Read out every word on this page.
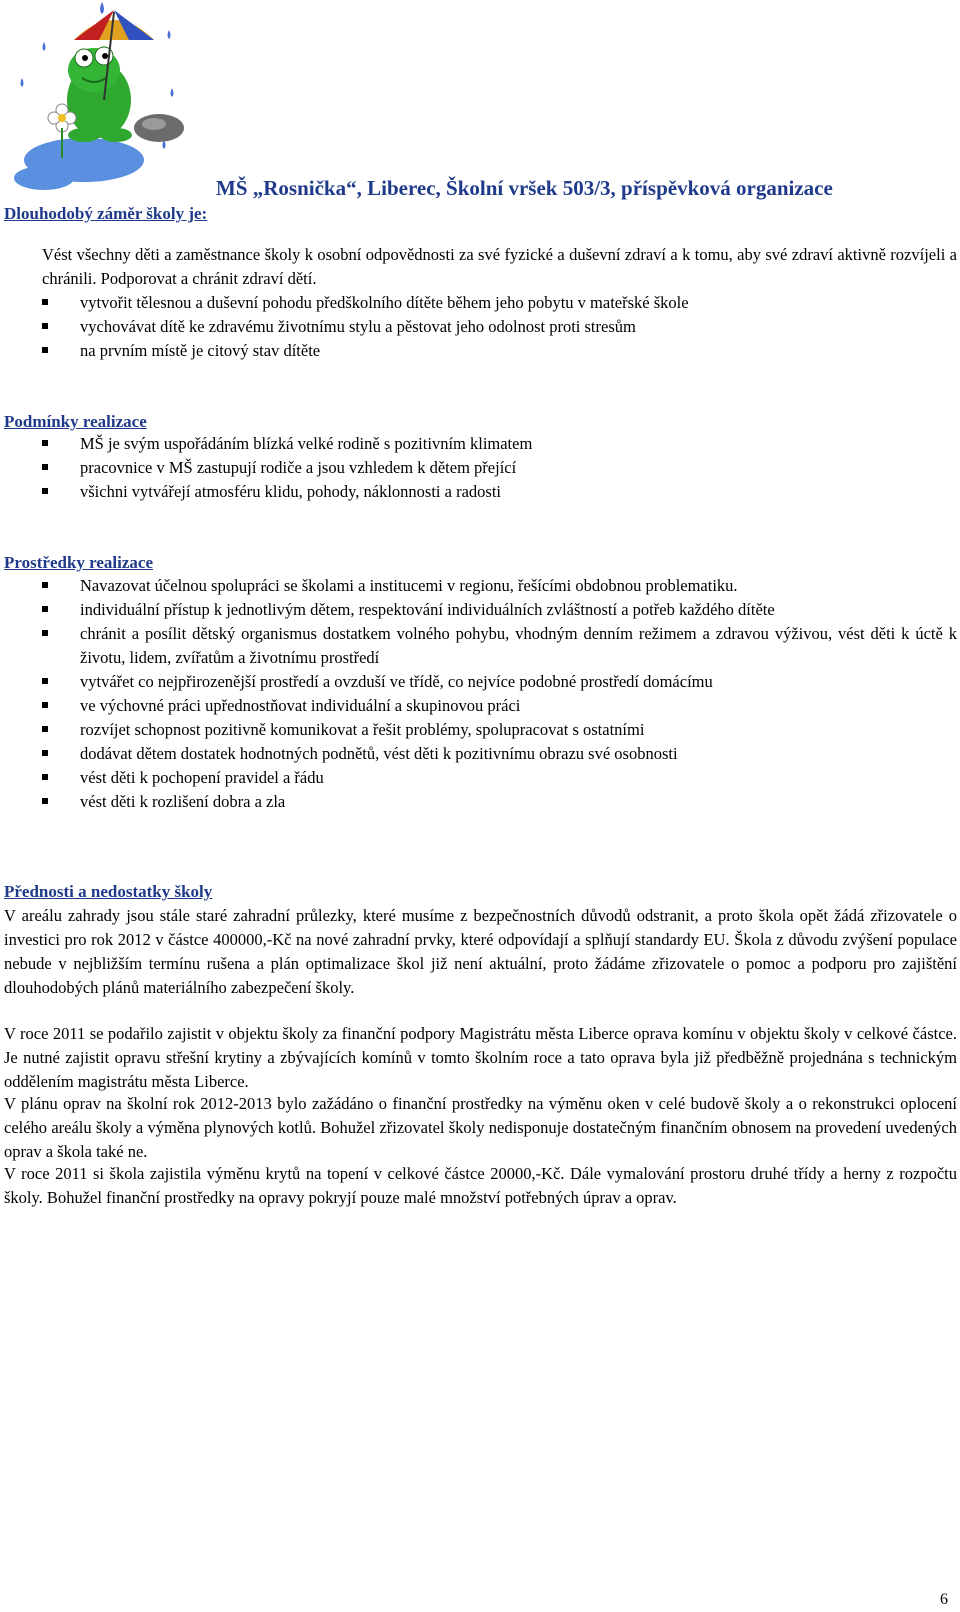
MŠ „Rosnička“, Liberec, Školní vršek 503/3, příspěvková organizace
Dlouhodobý záměr školy je:

Vést všechny děti a zaměstnance školy k osobní odpovědnosti za své fyzické a duševní zdraví a k tomu, aby své zdraví aktivně rozvíjeli a chránili. Podporovat a chránit zdraví dětí.

vytvořit tělesnou a duševní pohodu předškolního dítěte během jeho pobytu v mateřské škole
vychovávat dítě ke zdravému životnímu stylu a pěstovat jeho odolnost proti stresům
na prvním místě je citový stav dítěte
Podmínky realizace
MŠ je svým uspořádáním blízká velké rodině s pozitivním klimatem
pracovnice v MŠ zastupují rodiče a jsou vzhledem k dětem přející
všichni vytvářejí atmosféru klidu, pohody, náklonnosti a radosti
Prostředky realizace
Navazovat účelnou spolupráci se školami a institucemi v regionu, řešícími obdobnou problematiku.
individuální přístup k jednotlivým dětem, respektování individuálních zvláštností a potřeb každého dítěte
chránit a posílit dětský organismus dostatkem volného pohybu, vhodným denním režimem a zdravou výživou, vést děti k úctě k životu, lidem, zvířatům a životnímu prostředí
vytvářet co nejpřirozenější prostředí a ovzduší ve třídě, co nejvíce podobné prostředí domácímu
ve výchovné práci upřednostňovat individuální a skupinovou práci
rozvíjet schopnost pozitivně komunikovat a řešit problémy, spolupracovat s ostatními
dodávat dětem dostatek hodnotných podnětů, vést děti k pozitivnímu obrazu své osobnosti
vést děti k pochopení pravidel a řádu
vést děti k rozlišení dobra a zla
Přednosti a nedostatky školy

V areálu zahrady jsou stále staré zahradní průlezky, které musíme z bezpečnostních důvodů odstranit, a proto škola opět žádá zřizovatele o investici pro rok 2012 v částce 400000,-Kč na nové zahradní prvky, které odpovídají a splňují standardy EU. Škola z důvodu zvýšení populace nebude v nejbližším termínu rušena a plán optimalizace škol již není aktuální, proto žádáme zřizovatele o pomoc a podporu pro zajištění dlouhodobých plánů materiálního zabezpečení školy.

V roce 2011 se podařilo zajistit v objektu školy za finanční podpory Magistrátu města Liberce oprava komínu v objektu školy v celkové částce. Je nutné zajistit opravu střešní krytiny a zbývajících komínů v tomto školním roce a tato oprava byla již předběžně projednána s technickým oddělením magistrátu města Liberce.

V plánu oprav na školní rok 2012-2013 bylo zažádáno o finanční prostředky na výměnu oken v celé budově školy a o rekonstrukci oplocení celého areálu školy a výměna plynových kotlů. Bohužel zřizovatel školy nedisponuje dostatečným finančním obnosem na provedení uvedených oprav a škola také ne.

V roce 2011 si škola zajistila výměnu krytů na topení v celkové částce 20000,-Kč. Dále vymalování prostoru druhé třídy a herny z rozpočtu školy. Bohužel finanční prostředky na opravy pokryjí pouze malé množství potřebných úprav a oprav.

6
